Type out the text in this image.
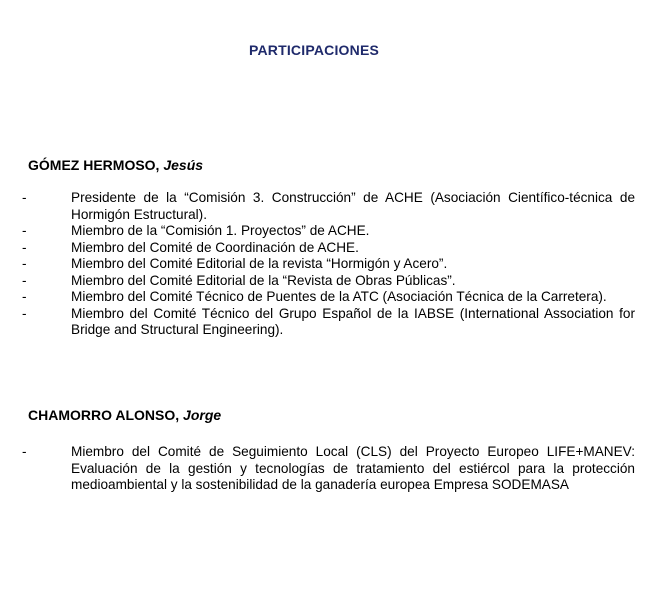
PARTICIPACIONES
GÓMEZ HERMOSO, Jesús
-	Presidente de la “Comisión 3. Construcción” de ACHE (Asociación Científico-técnica de Hormigón Estructural).
-	Miembro de la “Comisión 1. Proyectos” de ACHE.
-	Miembro del Comité de Coordinación de ACHE.
-	Miembro del Comité Editorial de la revista “Hormigón y Acero”.
-	Miembro del Comité Editorial de la “Revista de Obras Públicas”.
-	Miembro del Comité Técnico de Puentes de la ATC (Asociación Técnica de la Carretera).
-	Miembro del Comité Técnico del Grupo Español de la IABSE (International Association for Bridge and Structural Engineering).
CHAMORRO ALONSO, Jorge
-	Miembro del Comité de Seguimiento Local (CLS) del Proyecto Europeo LIFE+MANEV: Evaluación de la gestión y tecnologías de tratamiento del estiércol para la protección medioambiental y la sostenibilidad de la ganadería europea Empresa SODEMASA
